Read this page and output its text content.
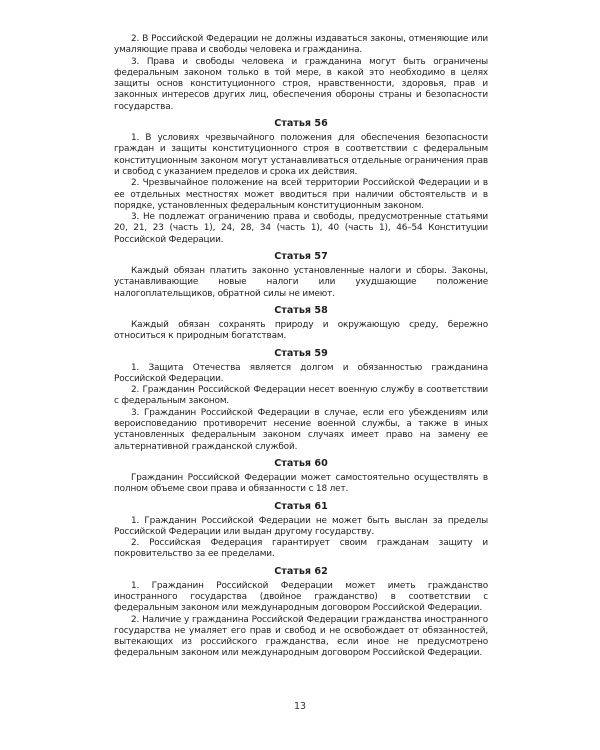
2. В Российской Федерации не должны издаваться законы, отменяющие или умаляющие права и свободы человека и гражданина.

3. Права и свободы человека и гражданина могут быть ограничены федеральным законом только в той мере, в какой это необходимо в целях защиты основ конституционного строя, нравственности, здоровья, прав и законных интересов других лиц, обеспечения обороны страны и безопасности государства.

Статья 56

1. В условиях чрезвычайного положения для обеспечения безопасности граждан и защиты конституционного строя в соответствии с федеральным конституционным законом могут устанавливаться отдельные ограничения прав и свобод с указанием пределов и срока их действия.

2. Чрезвычайное положение на всей территории Российской Федерации и в ее отдельных местностях может вводиться при наличии обстоятельств и в порядке, установленных федеральным конституционным законом.

3. Не подлежат ограничению права и свободы, предусмотренные статьями 20, 21, 23 (часть 1), 24, 28, 34 (часть 1), 40 (часть 1), 46–54 Конституции Российской Федерации.

Статья 57

Каждый обязан платить законно установленные налоги и сборы. Законы, устанавливающие новые налоги или ухудшающие положение налогоплательщиков, обратной силы не имеют.

Статья 58

Каждый обязан сохранять природу и окружающую среду, бережно относиться к природным богатствам.

Статья 59

1. Защита Отечества является долгом и обязанностью гражданина Российской Федерации.

2. Гражданин Российской Федерации несет военную службу в соответствии с федеральным законом.

3. Гражданин Российской Федерации в случае, если его убеждениям или вероисповеданию противоречит несение военной службы, а также в иных установленных федеральным законом случаях имеет право на замену ее альтернативной гражданской службой.

Статья 60

Гражданин Российской Федерации может самостоятельно осуществлять в полном объеме свои права и обязанности с 18 лет.

Статья 61

1. Гражданин Российской Федерации не может быть выслан за пределы Российской Федерации или выдан другому государству.

2. Российская Федерация гарантирует своим гражданам защиту и покровительство за ее пределами.

Статья 62

1. Гражданин Российской Федерации может иметь гражданство иностранного государства (двойное гражданство) в соответствии с федеральным законом или международным договором Российской Федерации.

2. Наличие у гражданина Российской Федерации гражданства иностранного государства не умаляет его прав и свобод и не освобождает от обязанностей, вытекающих из российского гражданства, если иное не предусмотрено федеральным законом или международным договором Российской Федерации.

13
